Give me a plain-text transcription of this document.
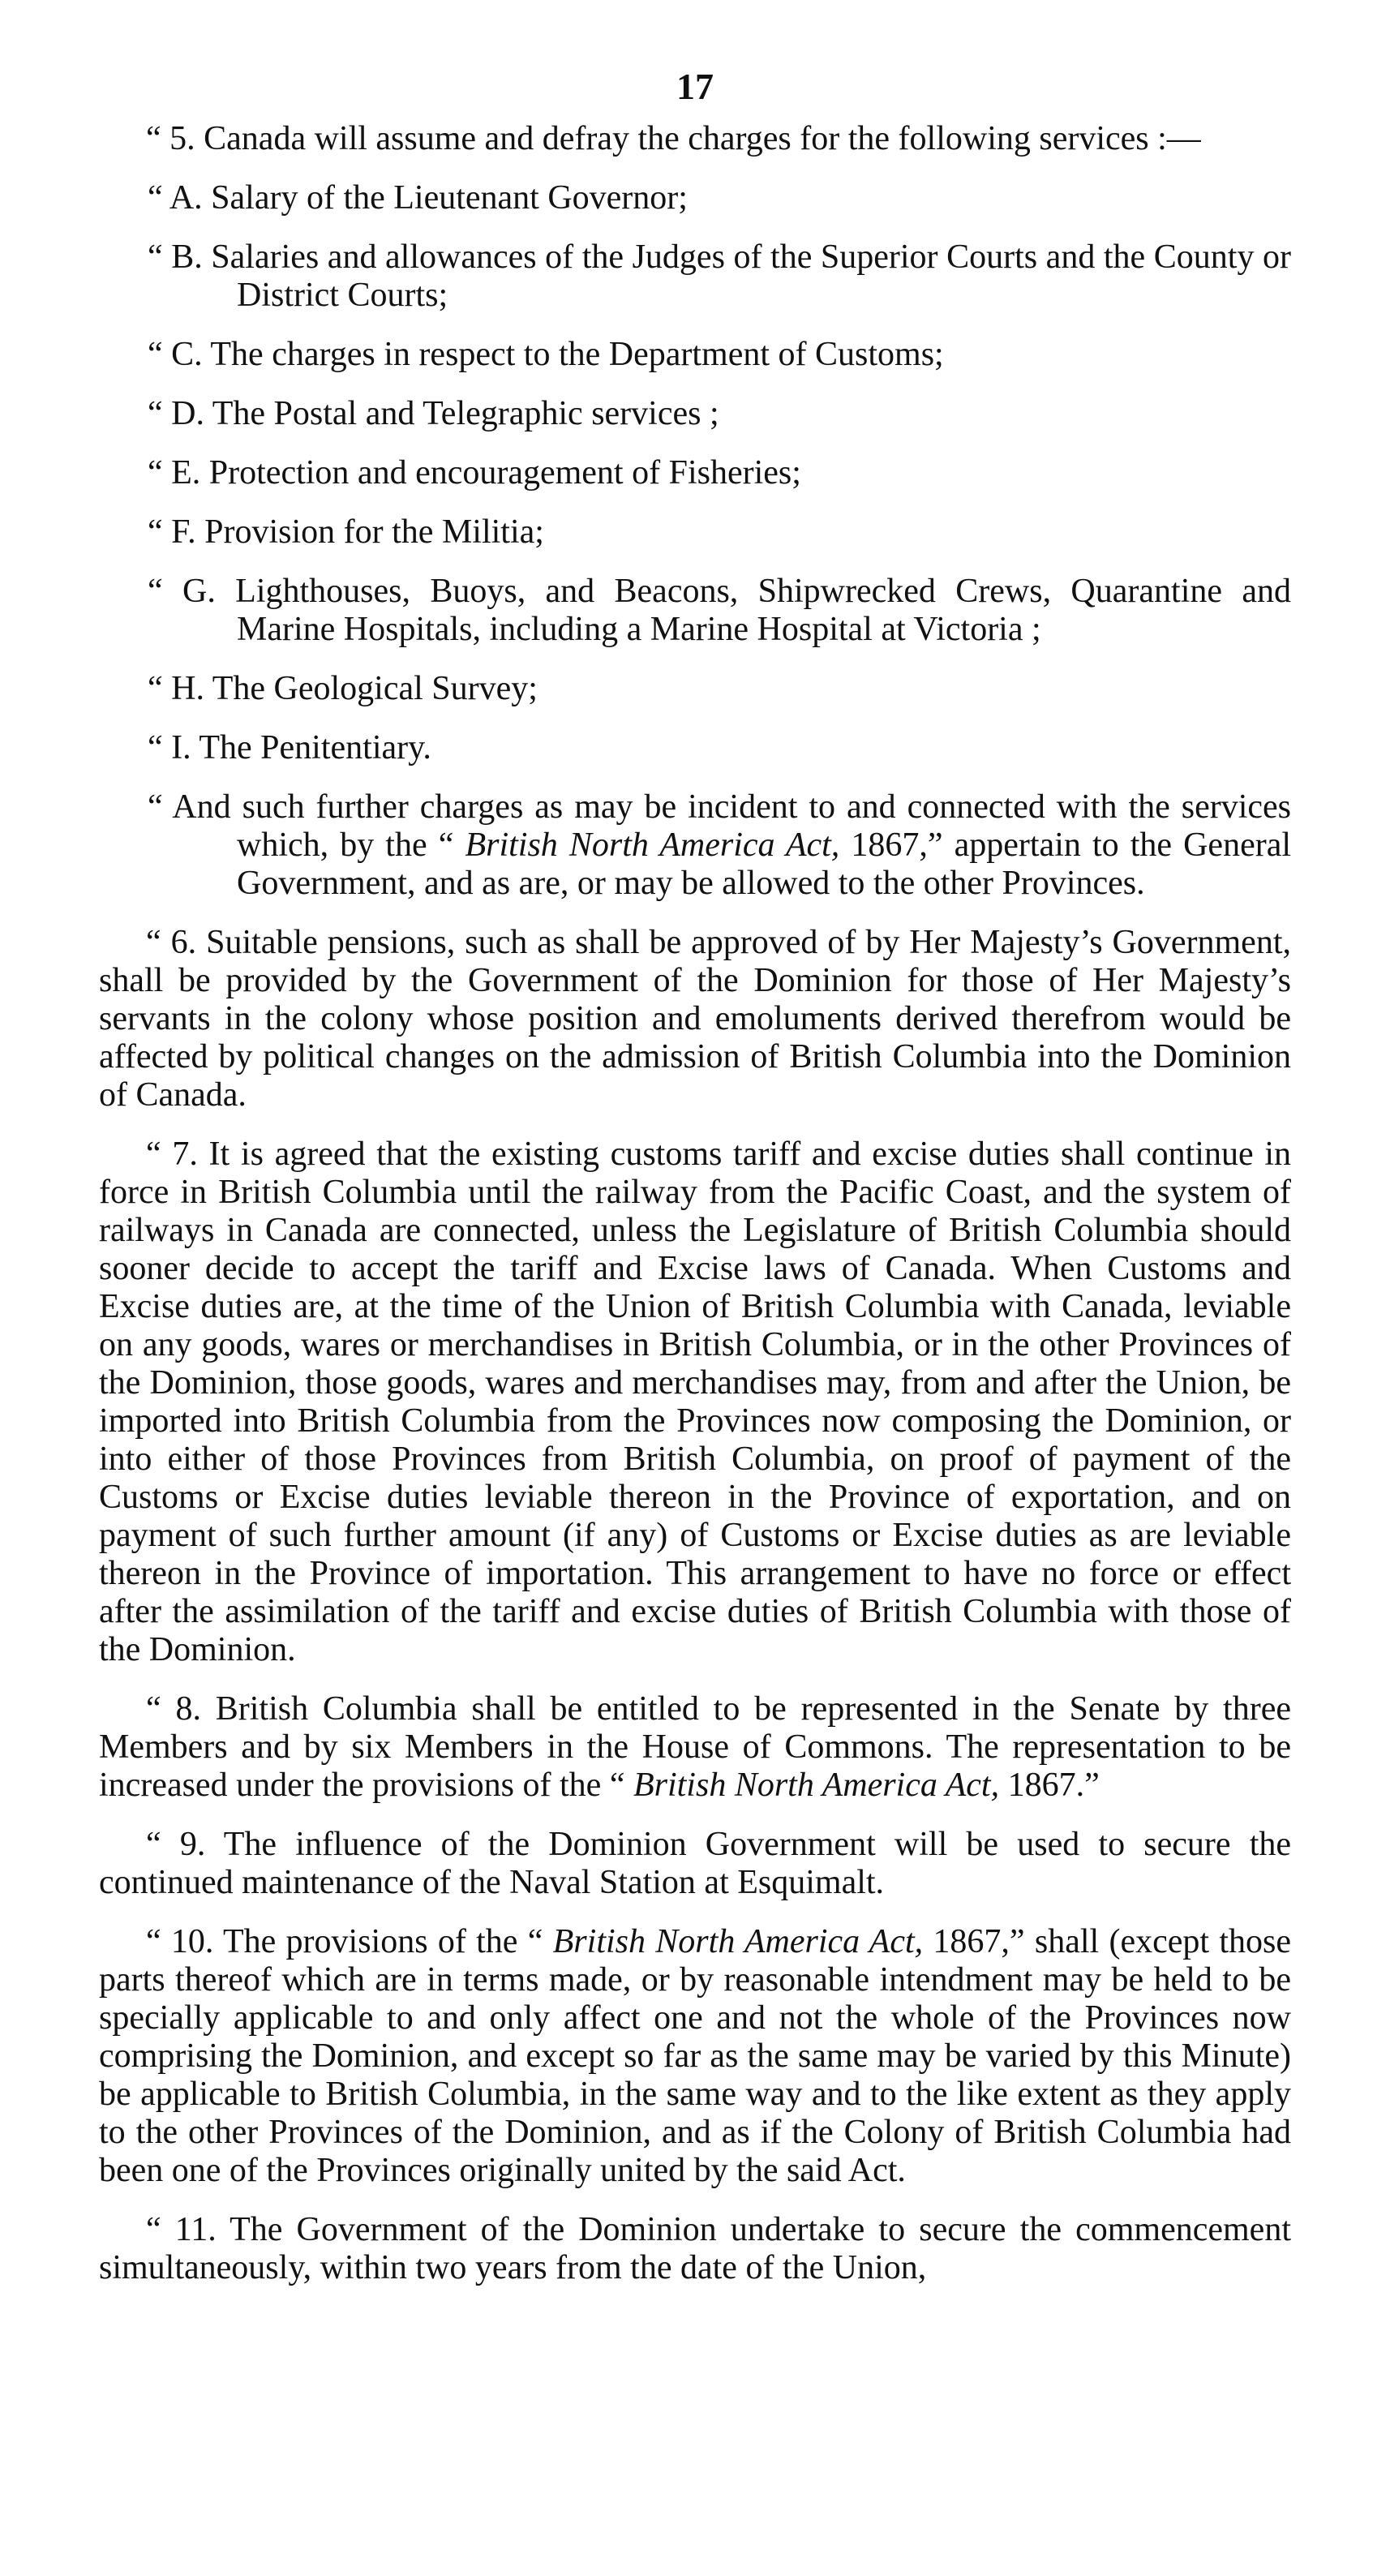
17

“ 5. Canada will assume and defray the charges for the following services :—

“ A. Salary of the Lieutenant Governor;

“ B. Salaries and allowances of the Judges of the Superior Courts and the County or District Courts;

“ C. The charges in respect to the Department of Customs;

“ D. The Postal and Telegraphic services ;

“ E. Protection and encouragement of Fisheries;

“ F. Provision for the Militia;

“ G. Lighthouses, Buoys, and Beacons, Shipwrecked Crews, Quarantine and Marine Hospitals, including a Marine Hospital at Victoria ;

“ H. The Geological Survey;

“ I. The Penitentiary.

“ And such further charges as may be incident to and connected with the services which, by the “ British North America Act, 1867,” appertain to the General Government, and as are, or may be allowed to the other Provinces.

“ 6. Suitable pensions, such as shall be approved of by Her Majesty’s Government, shall be provided by the Government of the Dominion for those of Her Majesty’s servants in the colony whose position and emoluments derived therefrom would be affected by political changes on the admission of British Columbia into the Dominion of Canada.

“ 7. It is agreed that the existing customs tariff and excise duties shall continue in force in British Columbia until the railway from the Pacific Coast, and the system of railways in Canada are connected, unless the Legislature of British Columbia should sooner decide to accept the tariff and Excise laws of Canada. When Customs and Excise duties are, at the time of the Union of British Columbia with Canada, leviable on any goods, wares or merchandises in British Columbia, or in the other Provinces of the Dominion, those goods, wares and merchandises may, from and after the Union, be imported into British Columbia from the Provinces now composing the Dominion, or into either of those Provinces from British Columbia, on proof of payment of the Customs or Excise duties leviable thereon in the Province of exportation, and on payment of such further amount (if any) of Customs or Excise duties as are leviable thereon in the Province of importation. This arrangement to have no force or effect after the assimilation of the tariff and excise duties of British Columbia with those of the Dominion.

“ 8. British Columbia shall be entitled to be represented in the Senate by three Members and by six Members in the House of Commons. The representation to be increased under the provisions of the “ British North America Act, 1867.”

“ 9. The influence of the Dominion Government will be used to secure the continued maintenance of the Naval Station at Esquimalt.

“ 10. The provisions of the “ British North America Act, 1867,” shall (except those parts thereof which are in terms made, or by reasonable intendment may be held to be specially applicable to and only affect one and not the whole of the Provinces now comprising the Dominion, and except so far as the same may be varied by this Minute) be applicable to British Columbia, in the same way and to the like extent as they apply to the other Provinces of the Dominion, and as if the Colony of British Columbia had been one of the Provinces originally united by the said Act.

“ 11. The Government of the Dominion undertake to secure the commencement simultaneously, within two years from the date of the Union,
